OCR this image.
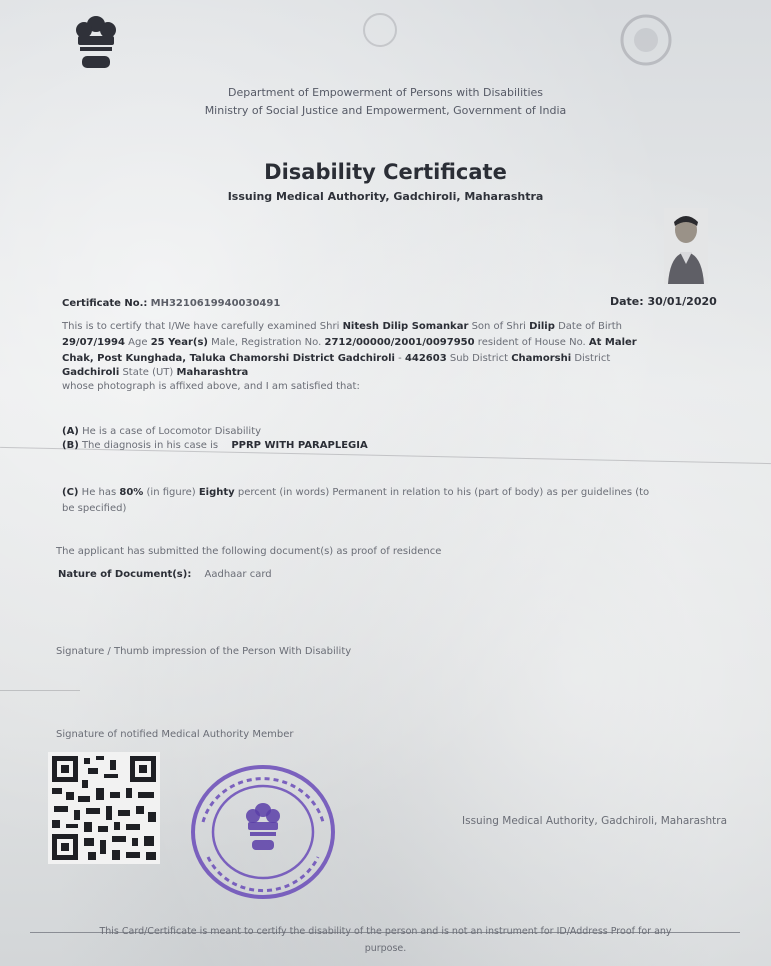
Department of Empowerment of Persons with Disabilities
Ministry of Social Justice and Empowerment, Government of India
Disability Certificate
Issuing Medical Authority, Gadchiroli, Maharashtra
Certificate No.: MH3210619940030491	Date: 30/01/2020
This is to certify that I/We have carefully examined Shri Nitesh Dilip Somankar Son of Shri Dilip Date of Birth
29/07/1994 Age 25 Year(s) Male, Registration No. 2712/00000/2001/0097950 resident of House No. At Maler
Chak, Post Kunghada, Taluka Chamorshi District Gadchiroli - 442603 Sub District Chamorshi District
Gadchiroli State (UT) Maharashtra
whose photograph is affixed above, and I am satisfied that:
(A) He is a case of Locomotor Disability
(B) The diagnosis in his case is PPRP WITH PARAPLEGIA
(C) He has 80% (in figure) Eighty percent (in words) Permanent in relation to his (part of body) as per guidelines (to
be specified)
The applicant has submitted the following document(s) as proof of residence
Nature of Document(s): Aadhaar card
Signature / Thumb impression of the Person With Disability
Signature of notified Medical Authority Member
Issuing Medical Authority, Gadchiroli, Maharashtra
This Card/Certificate is meant to certify the disability of the person and is not an instrument for ID/Address Proof for any
purpose.
